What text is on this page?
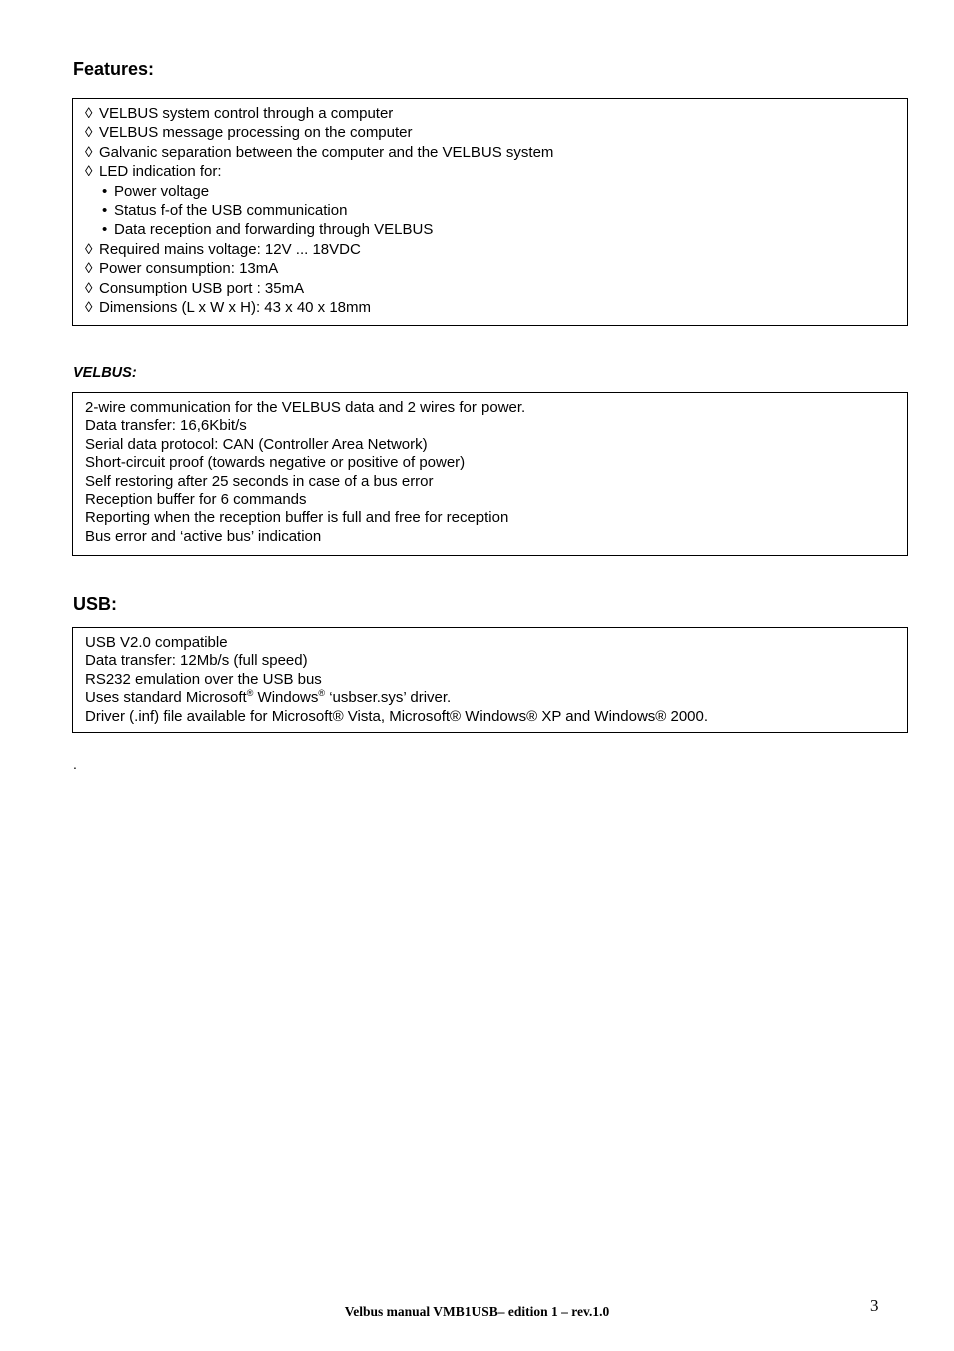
Features:
◊ VELBUS system control through a computer
◊ VELBUS message processing on the computer
◊ Galvanic separation between the computer and the VELBUS system
◊ LED indication for:
• Power voltage
• Status f-of the USB communication
• Data reception and forwarding through VELBUS
◊ Required mains voltage: 12V ... 18VDC
◊ Power consumption: 13mA
◊ Consumption USB port : 35mA
◊ Dimensions (L x W x H): 43 x 40 x 18mm
VELBUS:
2-wire communication for the VELBUS data and 2 wires for power.
Data transfer: 16,6Kbit/s
Serial data protocol: CAN (Controller Area Network)
Short-circuit proof (towards negative or positive of power)
Self restoring after 25 seconds in case of a bus error
Reception buffer for 6 commands
Reporting when the reception buffer is full and free for reception
Bus error and ‘active bus’ indication
USB:
USB V2.0 compatible
Data transfer: 12Mb/s (full speed)
RS232 emulation over the USB bus
Uses standard Microsoft® Windows® ‘usbser.sys’ driver.
Driver (.inf) file available for Microsoft® Vista, Microsoft® Windows® XP and Windows® 2000.
.
Velbus manual VMB1USB– edition 1 – rev.1.0	3
